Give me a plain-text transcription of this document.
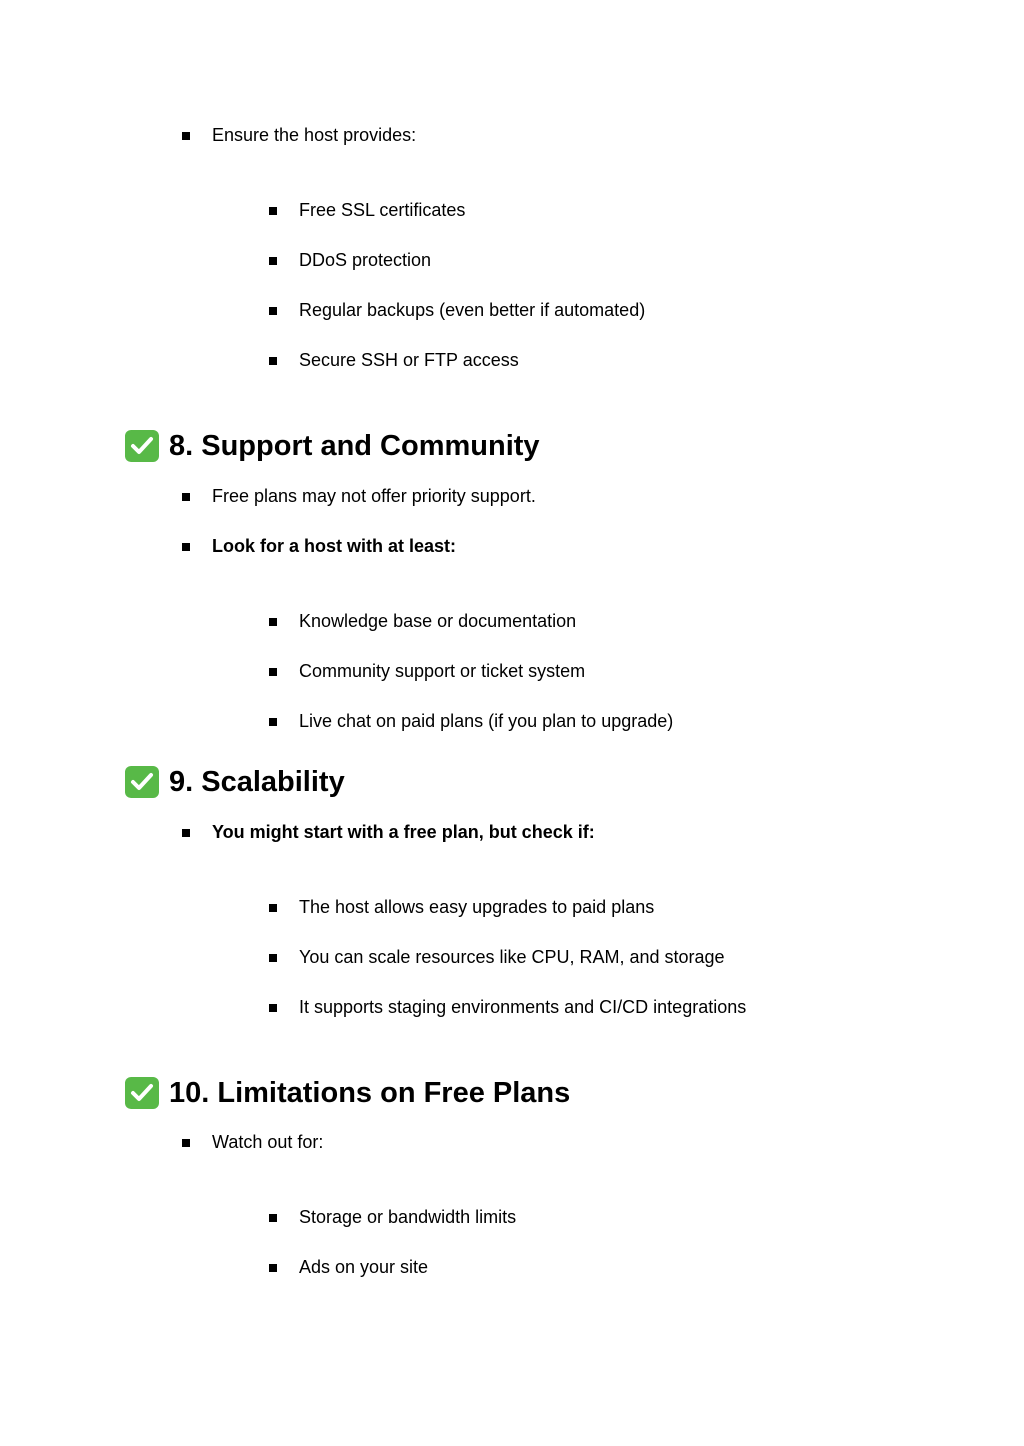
Ensure the host provides:
Free SSL certificates
DDoS protection
Regular backups (even better if automated)
Secure SSH or FTP access
8. Support and Community
Free plans may not offer priority support.
Look for a host with at least:
Knowledge base or documentation
Community support or ticket system
Live chat on paid plans (if you plan to upgrade)
9. Scalability
You might start with a free plan, but check if:
The host allows easy upgrades to paid plans
You can scale resources like CPU, RAM, and storage
It supports staging environments and CI/CD integrations
10. Limitations on Free Plans
Watch out for:
Storage or bandwidth limits
Ads on your site
